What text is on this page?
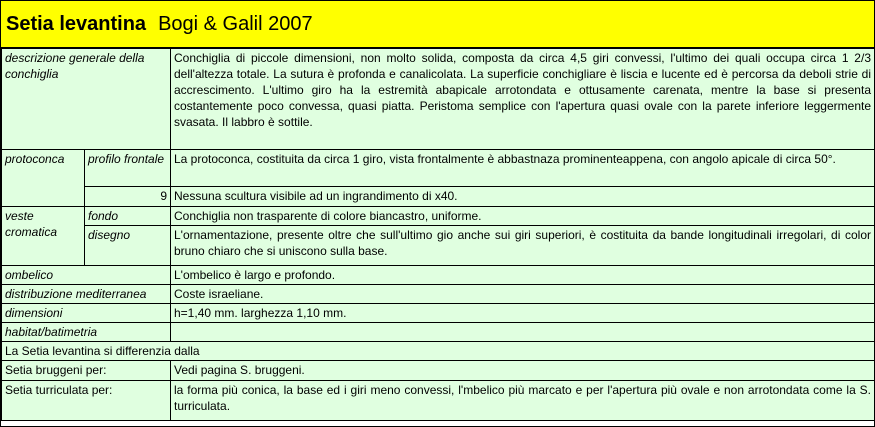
Setia levantina Bogi & Galil 2007
descrizione generale della conchiglia		Conchiglia di piccole dimensioni, non molto solida, composta da circa 4,5 giri convessi, l'ultimo dei quali occupa circa 1 2/3 dell'altezza totale. La sutura è profonda e canalicolata. La superficie conchigliare è liscia e lucente ed è percorsa da deboli strie di accrescimento. L'ultimo giro ha la estremità abapicale arrotondata e ottusamente carenata, mentre la base si presenta costantemente poco convessa, quasi piatta. Peristoma semplice con l'apertura quasi ovale con la parete inferiore leggermente svasata. Il labbro è sottile.
protoconca	profilo frontale	La protoconca, costituita da circa 1 giro, vista frontalmente è abbastnaza prominenteappena, con angolo apicale di circa 50°.
	9	Nessuna scultura visibile ad un ingrandimento di x40.
veste cromatica	fondo	Conchiglia non trasparente di colore biancastro, uniforme.
	disegno	L'ornamentazione, presente oltre che sull'ultimo gio anche sui giri superiori, è costituita da bande longitudinali irregolari, di color bruno chiaro che si uniscono sulla base.
ombelico		L'ombelico è largo e profondo.
distribuzione mediterranea		Coste israeliane.
dimensioni		h=1,40 mm. larghezza 1,10 mm.
habitat/batimetria		
La Setia levantina si differenzia dalla		
Setia bruggeni per:		Vedi pagina S. bruggeni.
Setia turriculata per:		la forma più conica, la base ed i giri meno convessi, l'mbelico più marcato e per l'apertura più ovale e non arrotondata come la S. turriculata.
